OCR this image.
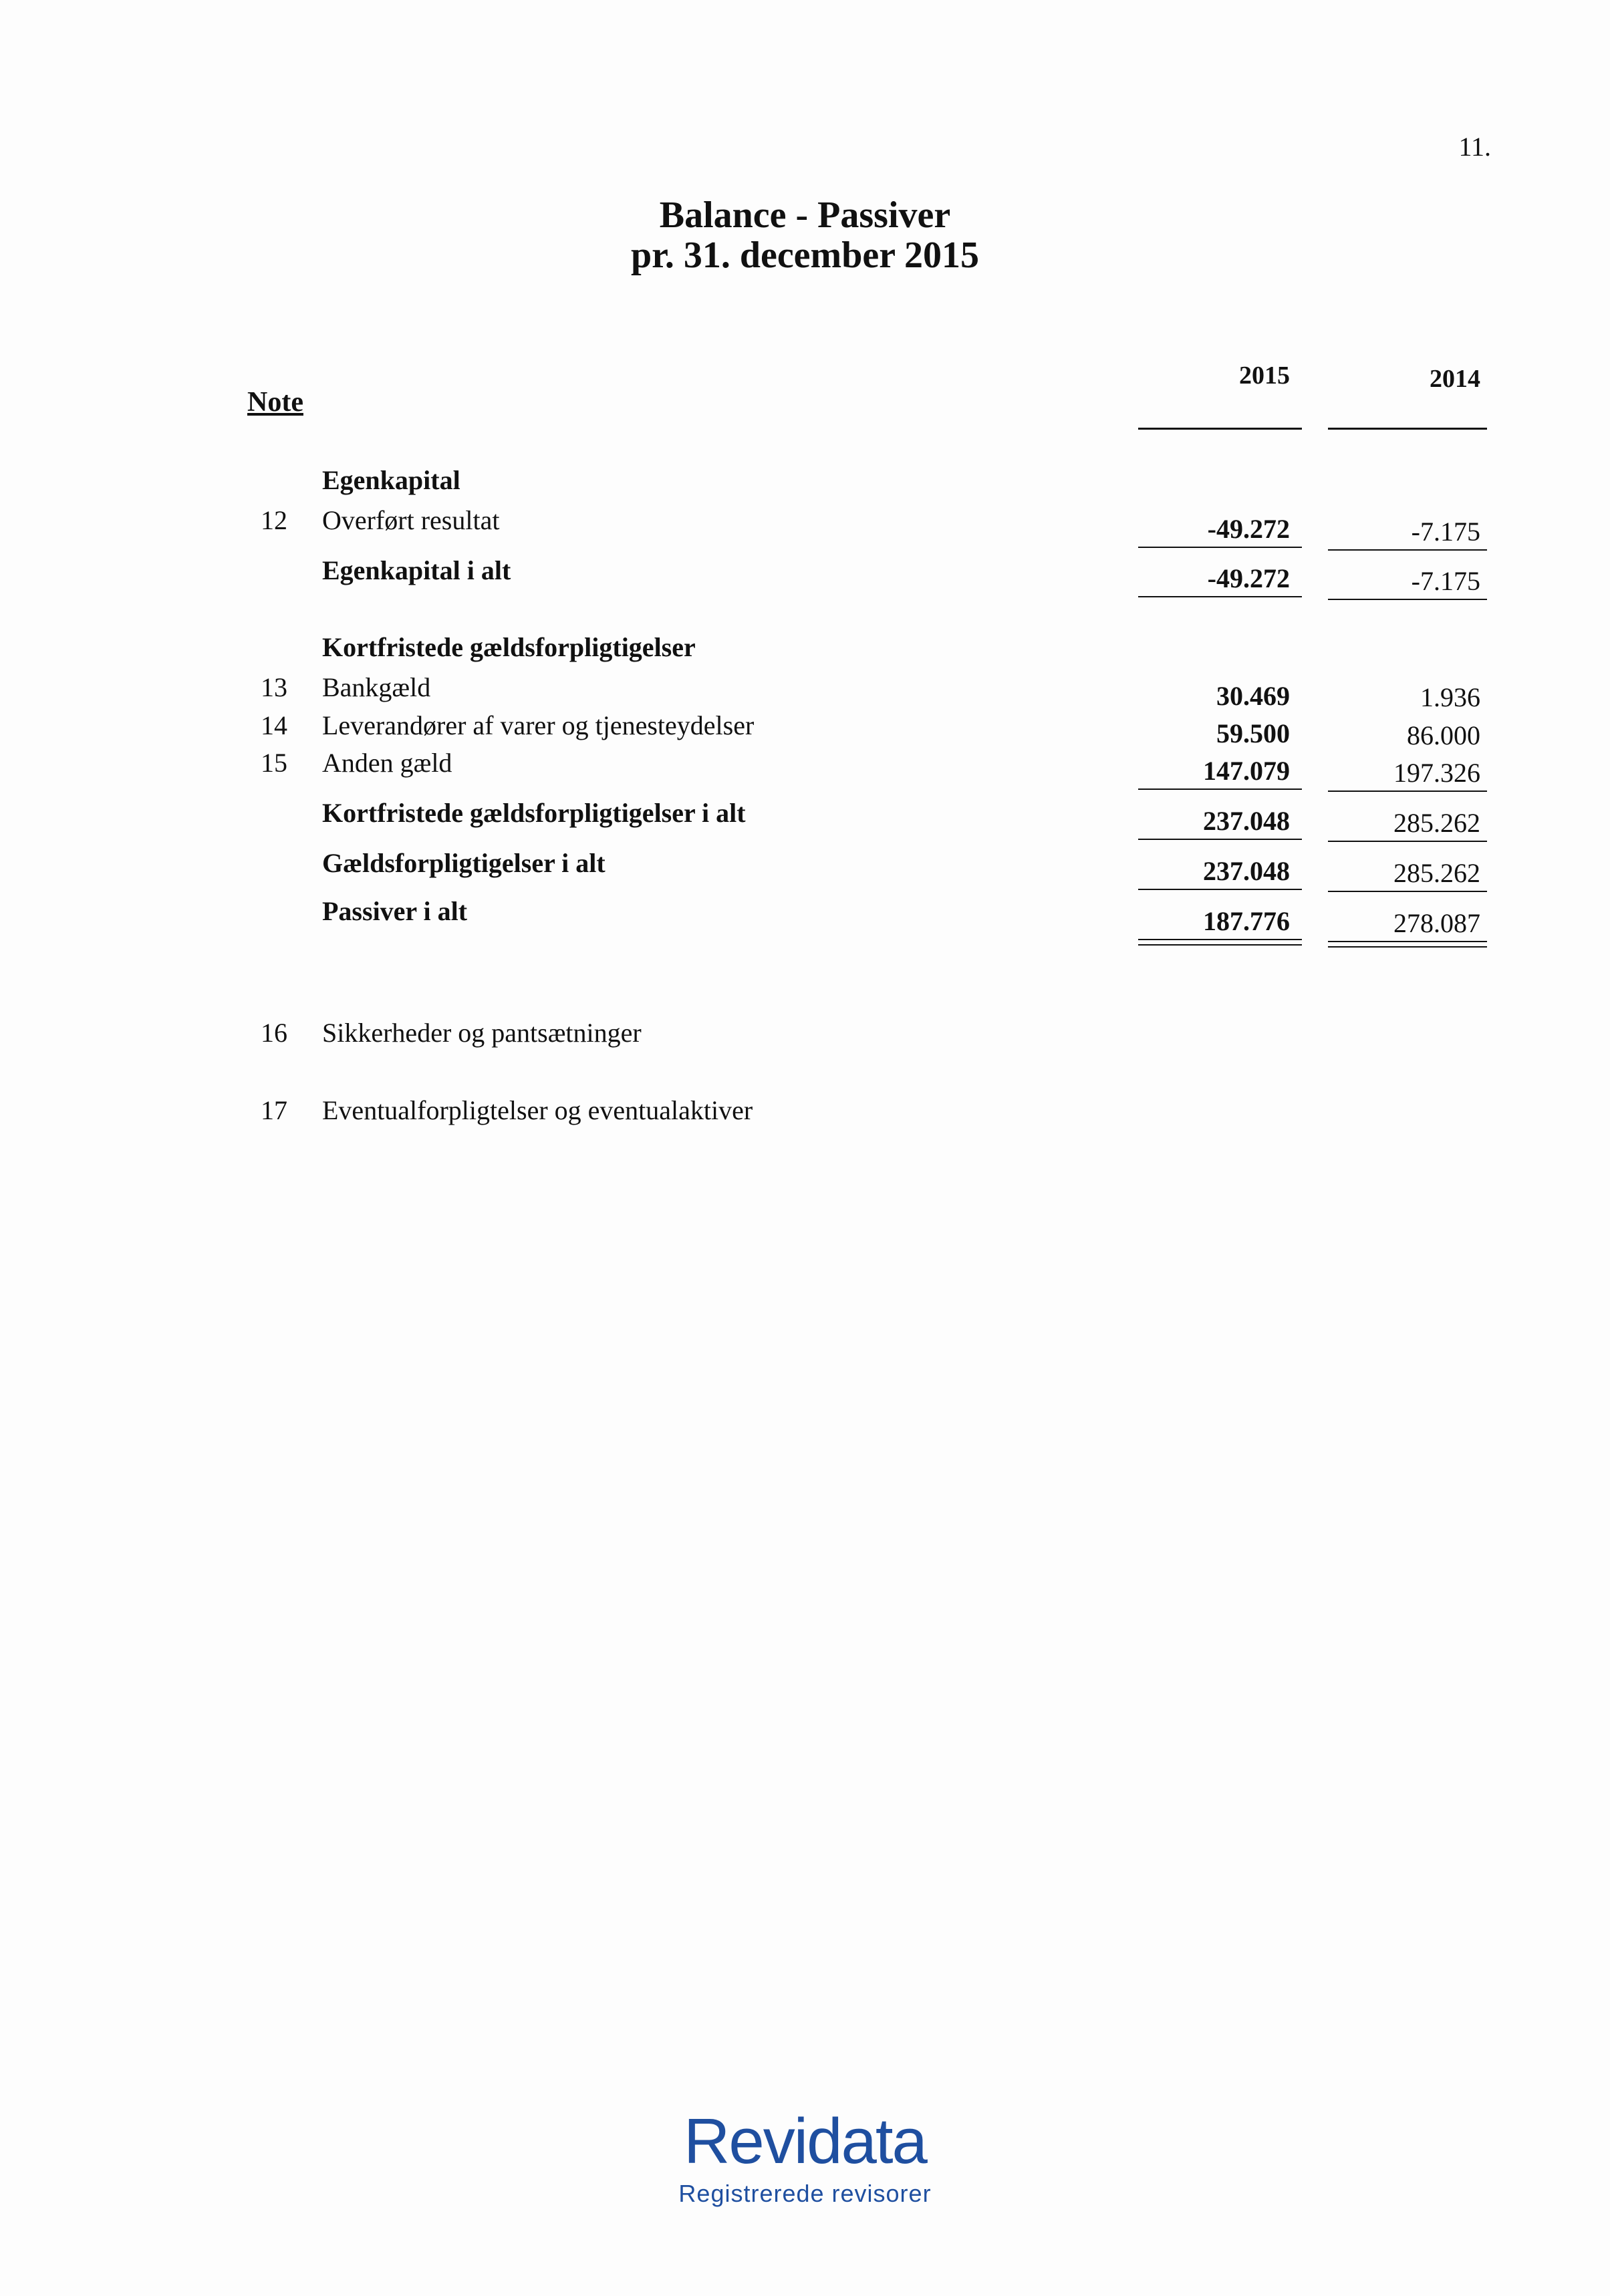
11.
Balance - Passiver
pr. 31. december 2015
Note
2015	2014
Egenkapital
12 Overført resultat	-49.272	-7.175
Egenkapital i alt	-49.272	-7.175
Kortfristede gældsforpligtigelser
13 Bankgæld	30.469	1.936
14 Leverandører af varer og tjenesteydelser	59.500	86.000
15 Anden gæld	147.079	197.326
Kortfristede gældsforpligtigelser i alt	237.048	285.262
Gældsforpligtigelser i alt	237.048	285.262
Passiver i alt	187.776	278.087
16 Sikkerheder og pantsætninger
17 Eventualforpligtelser og eventualaktiver
Revidata
Registrerede revisorer
